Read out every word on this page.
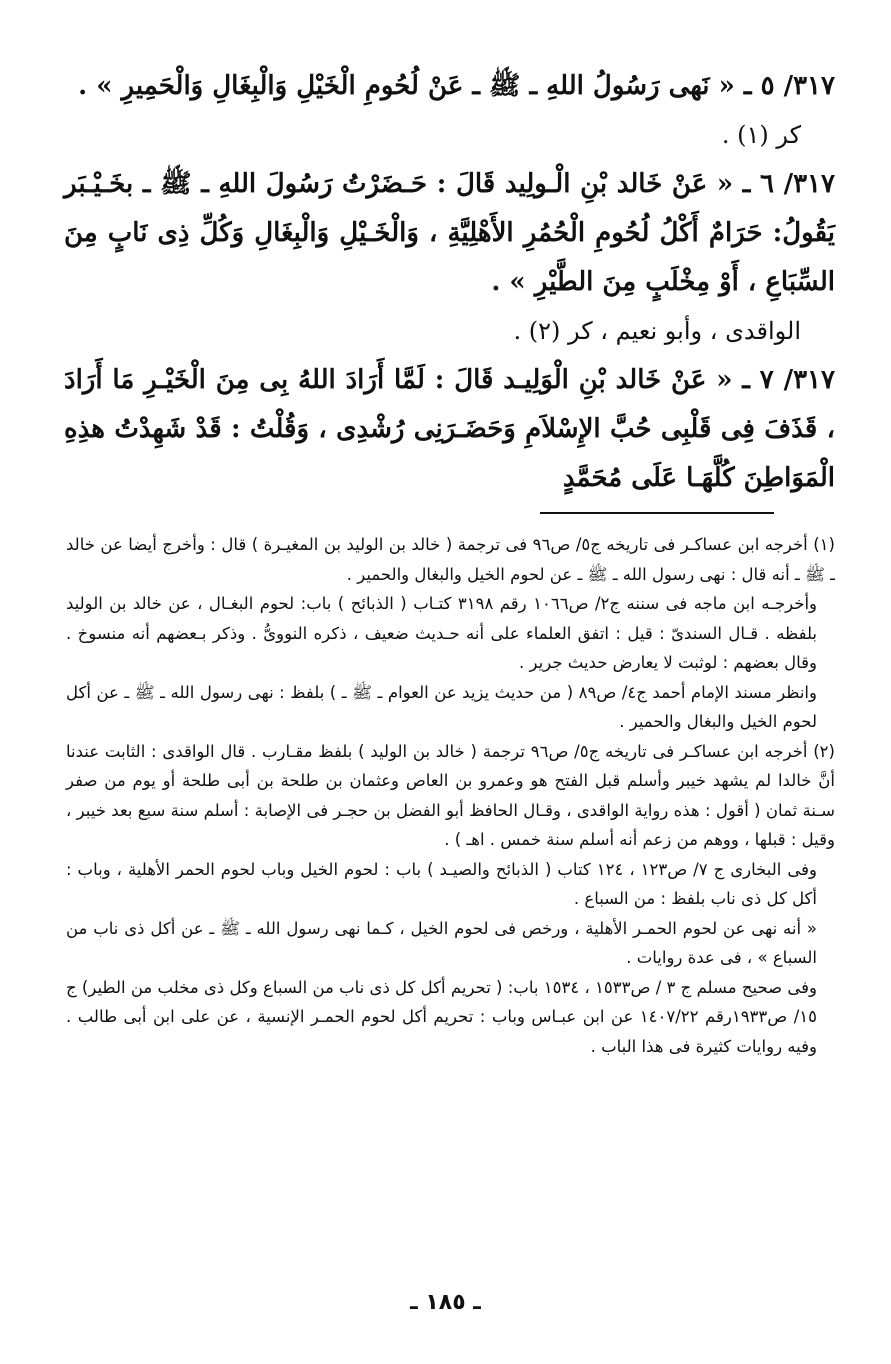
٣١٧/ ٥ ـ « نَهى رَسُولُ اللهِ ـ ﷺ ـ عَنْ لُحُومِ الْخَيْلِ وَالْبِغَالِ وَالْحَمِيرِ » .

كر (١) .

٣١٧/ ٦ ـ « عَنْ خَالد بْنِ الْـولِيد قَالَ : حَـضَرْتُ رَسُولَ اللهِ ـ ﷺ ـ بخَـيْـبَر يَقُولُ: حَرَامٌ أَكْلُ لُحُومِ الْحُمُرِ الأَهْلِيَّةِ ، وَالْخَـيْلِ وَالْبِغَالِ وَكُلِّ ذِى نَابٍ مِنَ السِّبَاعِ ، أَوْ مِخْلَبٍ مِنَ الطَّيْرِ » .

الواقدى ، وأبو نعيم ، كر (٢) .

٣١٧/ ٧ ـ « عَنْ خَالد بْنِ الْوَلِيـد قَالَ : لَمَّا أَرَادَ اللهُ بِى مِنَ الْخَيْـرِ مَا أَرَادَ ، قَذَفَ فِى قَلْبِى حُبَّ الإِسْلاَمِ وَحَضَـرَنِى رُشْدِى ، وَقُلْتُ : قَدْ شَهِدْتُ هذِهِ الْمَوَاطِنَ كُلَّهَـا عَلَى مُحَمَّدٍ

(١) أخرجه ابن عساكـر فى تاريخه ج٥/ ص٩٦ فى ترجمة ( خالد بن الوليد بن المغيـرة ) قال : وأخرج أيضا عن خالد ـ ﷺ ـ أنه قال : نهى رسول الله ـ ﷺ ـ عن لحوم الخيل والبغال والحمير .

وأخرجـه ابن ماجه فى سننه ج٢/ ص١٠٦٦ رقم ٣١٩٨ كتـاب ( الذبائح ) باب: لحوم البغـال ، عن خالد بن الوليد بلفظه . قـال السندىّ : قيل : اتفق العلماء على أنه حـديث ضعيف ، ذكره النووىُّ . وذكر بـعضهم أنه منسوخ . وقال بعضهم : لوثبت لا يعارض حديث جرير .

وانظر مسند الإمام أحمد ج٤/ ص٨٩ ( من حديث يزيد عن العوام ـ ﷺ ـ ) بلفظ : نهى رسول الله ـ ﷺ ـ عن أكل لحوم الخيل والبغال والحمير .

(٢) أخرجه ابن عساكـر فى تاريخه ج٥/ ص٩٦ ترجمة ( خالد بن الوليد ) بلفظ مقـارب . قال الواقدى : الثابت عندنا أنَّ خالدا لم يشهد خيبر وأسلم قبل الفتح هو وعمرو بن العاص وعثمان بن طلحة بن أبى طلحة أو يوم من صفر سـنة ثمان ( أقول : هذه رواية الواقدى ، وقـال الحافظ أبو الفضل بن حجـر فى الإصابة : أسلم سنة سبع بعد خيبر ، وقيل : قبلها ، ووهم من زعم أنه أسلم سنة خمس . اهـ ) .

وفى البخارى ج ٧/ ص١٢٣ ، ١٢٤ كتاب ( الذبائح والصيـد ) باب : لحوم الخيل وباب لحوم الحمر الأهلية ، وباب : أكل كل ذى ناب بلفظ : من السباع .

« أنه نهى عن لحوم الحمـر الأهلية ، ورخص فى لحوم الخيل ، كـما نهى رسول الله ـ ﷺ ـ عن أكل ذى ناب من السباع » ، فى عدة روايات .

وفى صحيح مسلم ج ٣ / ص١٥٣٣ ، ١٥٣٤ باب: ( تحريم أكل كل ذى ناب من السباع وكل ذى مخلب من الطير) ج ١٥/ ص١٩٣٣رقم ١٤٠٧/٢٢ عن ابن عبـاس وباب : تحريم أكل لحوم الحمـر الإنسية ، عن على ابن أبى طالب . وفيه روايات كثيرة فى هذا الباب .

ـ ١٨٥ ـ
